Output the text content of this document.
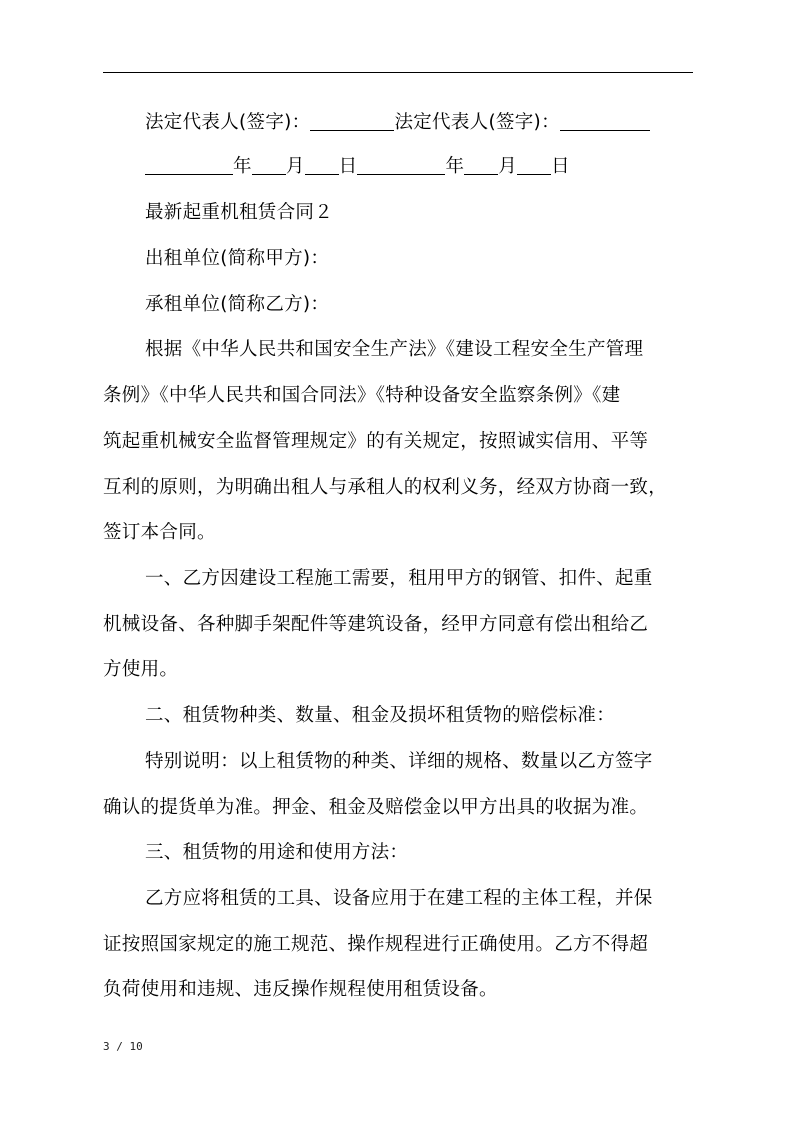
法定代表人(签字)：	法定代表人(签字)：
年 月 日	年 月 日
最新起重机租赁合同２
出租单位(简称甲方)：
承租单位(简称乙方)：
根据《中华人民共和国安全生产法》《建设工程安全生产管理
条例》《中华人民共和国合同法》《特种设备安全监察条例》《建
筑起重机械安全监督管理规定》的有关规定，按照诚实信用、平等
互利的原则，为明确出租人与承租人的权利义务，经双方协商一致，
签订本合同。
一、乙方因建设工程施工需要，租用甲方的钢管、扣件、起重
机械设备、各种脚手架配件等建筑设备，经甲方同意有偿出租给乙
方使用。
二、租赁物种类、数量、租金及损坏租赁物的赔偿标准：
特别说明：以上租赁物的种类、详细的规格、数量以乙方签字
确认的提货单为准。押金、租金及赔偿金以甲方出具的收据为准。
三、租赁物的用途和使用方法：
乙方应将租赁的工具、设备应用于在建工程的主体工程，并保
证按照国家规定的施工规范、操作规程进行正确使用。乙方不得超
负荷使用和违规、违反操作规程使用租赁设备。
3 / 10
